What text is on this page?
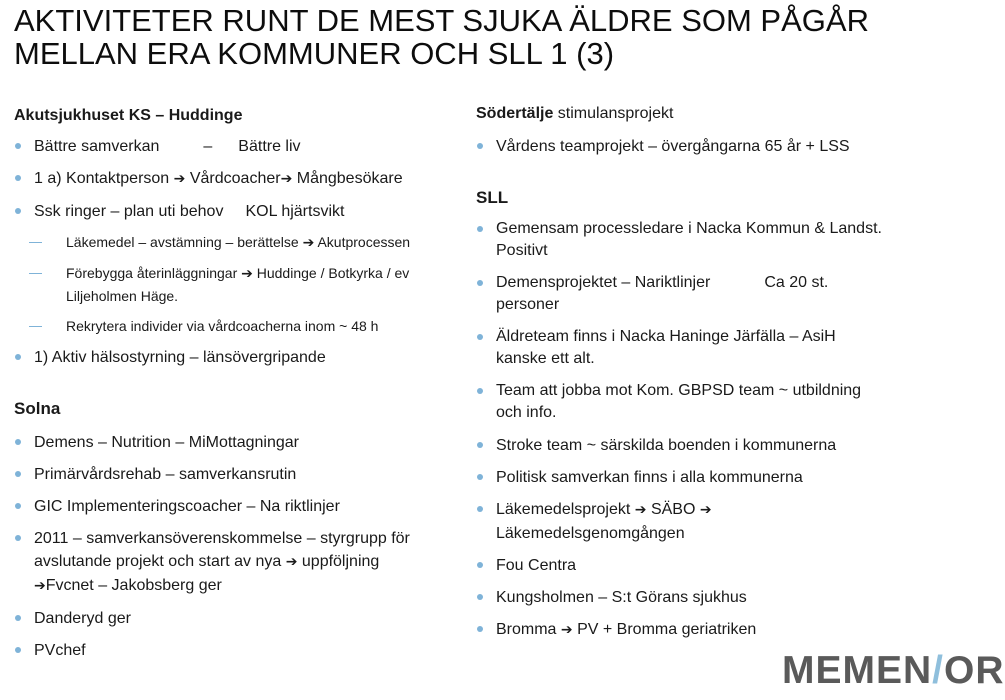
AKTIVITETER RUNT DE MEST SJUKA ÄLDRE SOM PÅGÅR
MELLAN ERA KOMMUNER OCH SLL 1 (3)

Akutsjukhuset KS – Huddinge

Bättre samverkan	– Bättre liv
1 a) Kontaktperson ➔ Vårdcoacher➔ Mångbesökare
Ssk ringer – plan uti behov KOL hjärtsvikt
Läkemedel – avstämning – berättelse ➔ Akutprocessen
Förebygga återinläggningar ➔ Huddinge / Botkyrka / ev
Liljeholmen Häge.
Rekrytera individer via vårdcoacherna inom ~ 48 h
1) Aktiv hälsostyrning – länsövergripande

Solna

Demens – Nutrition – MiMottagningar
Primärvårdsrehab – samverkansrutin
GIC Implementeringscoacher – Na riktlinjer
2011 – samverkansöverenskommelse – styrgrupp för
avslutande projekt och start av nya ➔ uppföljning
➔Fvcnet – Jakobsberg ger
Danderyd ger
PVchef

Södertälje stimulansprojekt

Vårdens teamprojekt – övergångarna 65 år + LSS

SLL

Gemensam processledare i Nacka Kommun & Landst.
Positivt
Demensprojektet – Nariktlinjer	Ca 20 st.
personer
Äldreteam finns i Nacka Haninge Järfälla – AsiH
kanske ett alt.
Team att jobba mot Kom. GBPSD team ~ utbildning
och info.
Stroke team ~ särskilda boenden i kommunerna
Politisk samverkan finns i alla kommunerna
Läkemedelsprojekt ➔ SÄBO ➔
Läkemedelsgenomgången
Fou Centra
Kungsholmen – S:t Görans sjukhus
Bromma ➔ PV + Bromma geriatriken
MEMEN/OR
